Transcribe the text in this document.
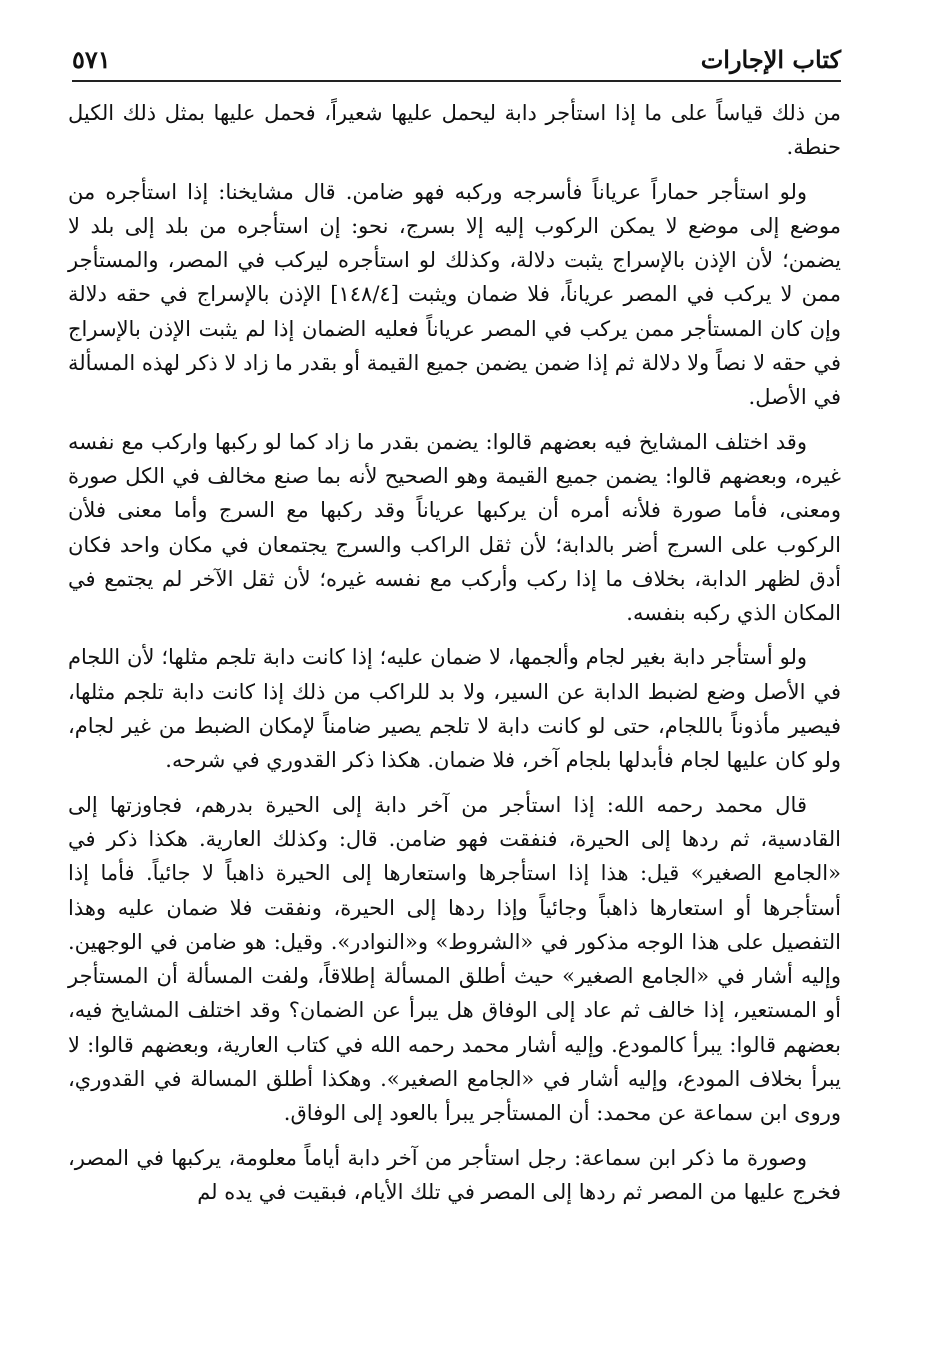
كتاب الإجارات
٥٧١

من ذلك قياساً على ما إذا استأجر دابة ليحمل عليها شعيراً، فحمل عليها بمثل ذلك الكيل حنطة.

ولو استأجر حماراً عرياناً فأسرجه وركبه فهو ضامن. قال مشايخنا: إذا استأجره من موضع إلى موضع لا يمكن الركوب إليه إلا بسرج، نحو: إن استأجره من بلد إلى بلد لا يضمن؛ لأن الإذن بالإسراج يثبت دلالة، وكذلك لو استأجره ليركب في المصر، والمستأجر ممن لا يركب في المصر عرياناً، فلا ضمان ويثبت [١٤٨/٤] الإذن بالإسراج في حقه دلالة وإن كان المستأجر ممن يركب في المصر عرياناً فعليه الضمان إذا لم يثبت الإذن بالإسراج في حقه لا نصاً ولا دلالة ثم إذا ضمن يضمن جميع القيمة أو بقدر ما زاد لا ذكر لهذه المسألة في الأصل.

وقد اختلف المشايخ فيه بعضهم قالوا: يضمن بقدر ما زاد كما لو ركبها واركب مع نفسه غيره، وبعضهم قالوا: يضمن جميع القيمة وهو الصحيح لأنه بما صنع مخالف في الكل صورة ومعنى، فأما صورة فلأنه أمره أن يركبها عرياناً وقد ركبها مع السرج وأما معنى فلأن الركوب على السرج أضر بالدابة؛ لأن ثقل الراكب والسرج يجتمعان في مكان واحد فكان أدق لظهر الدابة، بخلاف ما إذا ركب وأركب مع نفسه غيره؛ لأن ثقل الآخر لم يجتمع في المكان الذي ركبه بنفسه.

ولو أستأجر دابة بغير لجام وألجمها، لا ضمان عليه؛ إذا كانت دابة تلجم مثلها؛ لأن اللجام في الأصل وضع لضبط الدابة عن السير، ولا بد للراكب من ذلك إذا كانت دابة تلجم مثلها، فيصير مأذوناً باللجام، حتى لو كانت دابة لا تلجم يصير ضامناً لإمكان الضبط من غير لجام، ولو كان عليها لجام فأبدلها بلجام آخر، فلا ضمان. هكذا ذكر القدوري في شرحه.

قال محمد رحمه الله: إذا استأجر من آخر دابة إلى الحيرة بدرهم، فجاوزتها إلى القادسية، ثم ردها إلى الحيرة، فنفقت فهو ضامن. قال: وكذلك العارية. هكذا ذكر في «الجامع الصغير» قيل: هذا إذا استأجرها واستعارها إلى الحيرة ذاهباً لا جائياً. فأما إذا أستأجرها أو استعارها ذاهباً وجائياً وإذا ردها إلى الحيرة، ونفقت فلا ضمان عليه وهذا التفصيل على هذا الوجه مذكور في «الشروط» و«النوادر». وقيل: هو ضامن في الوجهين. وإليه أشار في «الجامع الصغير» حيث أطلق المسألة إطلاقاً، ولفت المسألة أن المستأجر أو المستعير، إذا خالف ثم عاد إلى الوفاق هل يبرأ عن الضمان؟ وقد اختلف المشايخ فيه، بعضهم قالوا: يبرأ كالمودع. وإليه أشار محمد رحمه الله في كتاب العارية، وبعضهم قالوا: لا يبرأ بخلاف المودع، وإليه أشار في «الجامع الصغير». وهكذا أطلق المسالة في القدوري، وروى ابن سماعة عن محمد: أن المستأجر يبرأ بالعود إلى الوفاق.

وصورة ما ذكر ابن سماعة: رجل استأجر من آخر دابة أياماً معلومة، يركبها في المصر، فخرج عليها من المصر ثم ردها إلى المصر في تلك الأيام، فبقيت في يده لم
